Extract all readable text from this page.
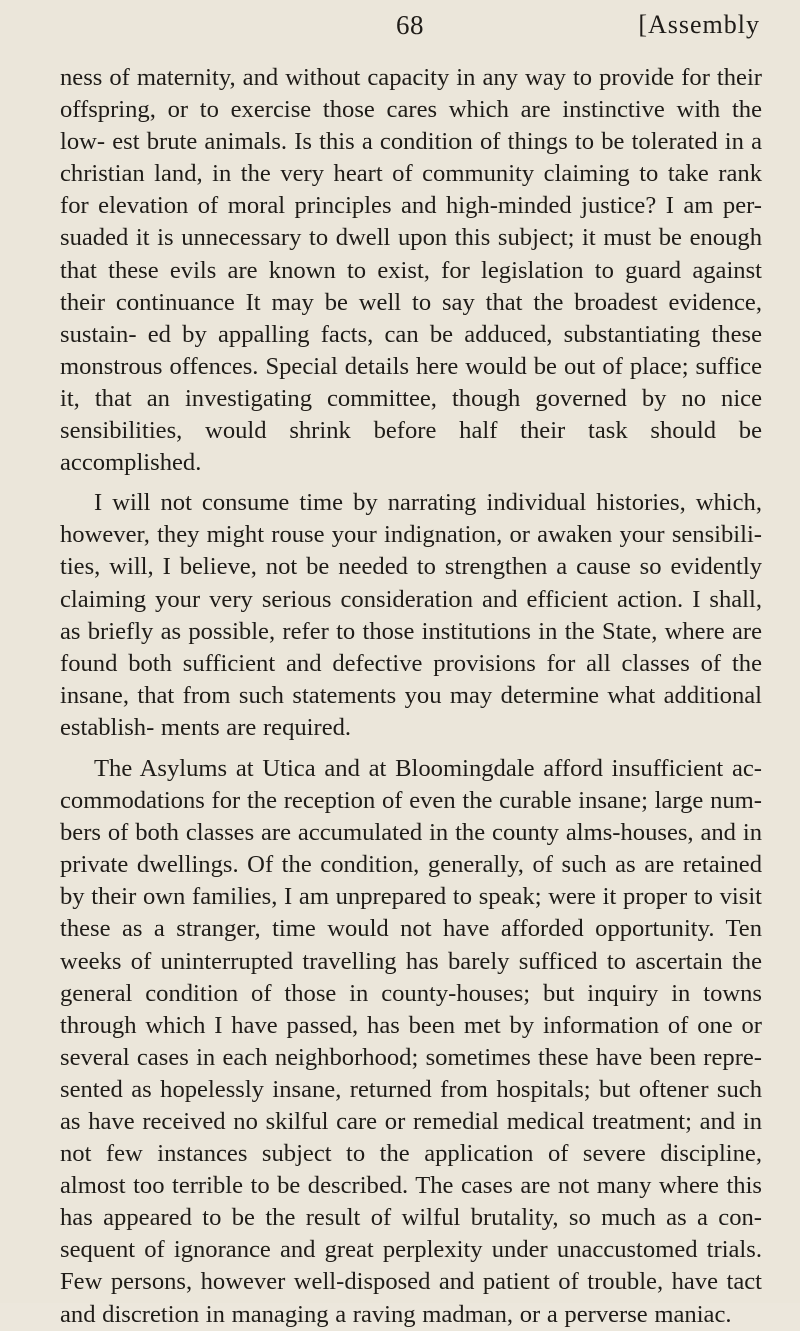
68	[Assembly

ness of maternity, and without capacity in any way to provide for their offspring, or to exercise those cares which are instinctive with the low- est brute animals. Is this a condition of things to be tolerated in a christian land, in the very heart of community claiming to take rank for elevation of moral principles and high-minded justice? I am per- suaded it is unnecessary to dwell upon this subject; it must be enough that these evils are known to exist, for legislation to guard against their continuance It may be well to say that the broadest evidence, sustain- ed by appalling facts, can be adduced, substantiating these monstrous offences. Special details here would be out of place; suffice it, that an investigating committee, though governed by no nice sensibilities, would shrink before half their task should be accomplished.

I will not consume time by narrating individual histories, which, however, they might rouse your indignation, or awaken your sensibili- ties, will, I believe, not be needed to strengthen a cause so evidently claiming your very serious consideration and efficient action. I shall, as briefly as possible, refer to those institutions in the State, where are found both sufficient and defective provisions for all classes of the insane, that from such statements you may determine what additional establish- ments are required.

The Asylums at Utica and at Bloomingdale afford insufficient ac- commodations for the reception of even the curable insane; large num- bers of both classes are accumulated in the county alms-houses, and in private dwellings. Of the condition, generally, of such as are retained by their own families, I am unprepared to speak; were it proper to visit these as a stranger, time would not have afforded opportunity. Ten weeks of uninterrupted travelling has barely sufficed to ascertain the general condition of those in county-houses; but inquiry in towns through which I have passed, has been met by information of one or several cases in each neighborhood; sometimes these have been repre- sented as hopelessly insane, returned from hospitals; but oftener such as have received no skilful care or remedial medical treatment; and in not few instances subject to the application of severe discipline, almost too terrible to be described. The cases are not many where this has appeared to be the result of wilful brutality, so much as a con- sequent of ignorance and great perplexity under unaccustomed trials. Few persons, however well-disposed and patient of trouble, have tact and discretion in managing a raving madman, or a perverse maniac.
